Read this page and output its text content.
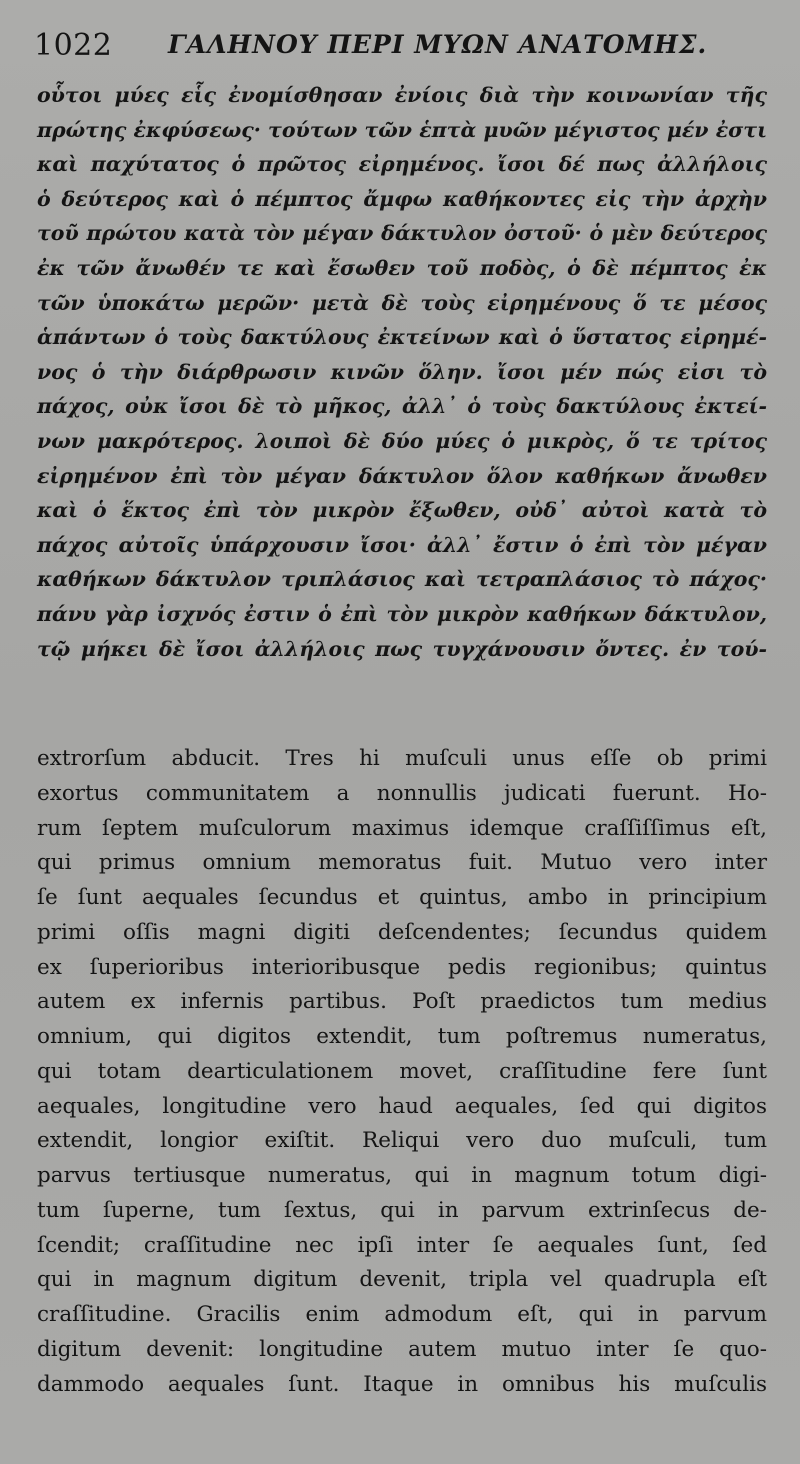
1022 ΓΑΛΗΝΟΥ ΠΕΡΙ ΜΥΩΝ ΑΝΑΤΟΜΗΣ.
οὗτοι μύες εἷς ἐνομίσθησαν ἐνίοις διὰ τὴν κοινωνίαν τῆς
πρώτης ἐκφύσεως· τούτων τῶν ἑπτὰ μυῶν μέγιστος μέν ἐστι
καὶ παχύτατος ὁ πρῶτος εἰρημένος. ἴσοι δέ πως ἀλλήλοις
ὁ δεύτερος καὶ ὁ πέμπτος ἄμφω καθήκοντες εἰς τὴν ἀρχὴν
τοῦ πρώτου κατὰ τὸν μέγαν δάκτυλον ὀστοῦ· ὁ μὲν δεύτερος
ἐκ τῶν ἄνωθέν τε καὶ ἔσωθεν τοῦ ποδὸς, ὁ δὲ πέμπτος ἐκ
τῶν ὑποκάτω μερῶν· μετὰ δὲ τοὺς εἰρημένους ὅ τε μέσος
ἁπάντων ὁ τοὺς δακτύλους ἐκτείνων καὶ ὁ ὕστατος εἰρημέ-
νος ὁ τὴν διάρθρωσιν κινῶν ὅλην. ἴσοι μέν πώς εἰσι τὸ
πάχος, οὐκ ἴσοι δὲ τὸ μῆκος, ἀλλ᾽ ὁ τοὺς δακτύλους ἐκτεί-
νων μακρότερος. λοιποὶ δὲ δύο μύες ὁ μικρὸς, ὅ τε τρίτος
εἰρημένον ἐπὶ τὸν μέγαν δάκτυλον ὅλον καθήκων ἄνωθεν
καὶ ὁ ἕκτος ἐπὶ τὸν μικρὸν ἔξωθεν, οὐδ᾽ αὐτοὶ κατὰ τὸ
πάχος αὐτοῖς ὑπάρχουσιν ἴσοι· ἀλλ᾽ ἔστιν ὁ ἐπὶ τὸν μέγαν
καθήκων δάκτυλον τριπλάσιος καὶ τετραπλάσιος τὸ πάχος·
πάνυ γὰρ ἰσχνός ἐστιν ὁ ἐπὶ τὸν μικρὸν καθήκων δάκτυλον,
τῷ μήκει δὲ ἴσοι ἀλλήλοις πως τυγχάνουσιν ὄντες. ἐν τού-
extrorſum abducit. Tres hi muſculi unus eſſe ob primi
exortus communitatem a nonnullis judicati fuerunt. Ho-
rum ſeptem muſculorum maximus idemque craſſiſſimus eſt,
qui primus omnium memoratus fuit. Mutuo vero inter
ſe ſunt aequales ſecundus et quintus, ambo in principium
primi oſſis magni digiti deſcendentes; ſecundus quidem
ex ſuperioribus interioribusque pedis regionibus; quintus
autem ex infernis partibus. Poſt praedictos tum medius
omnium, qui digitos extendit, tum poſtremus numeratus,
qui totam dearticulationem movet, craſſitudine fere ſunt
aequales, longitudine vero haud aequales, ſed qui digitos
extendit, longior exiſtit. Reliqui vero duo muſculi, tum
parvus tertiusque numeratus, qui in magnum totum digi-
tum ſuperne, tum ſextus, qui in parvum extrinſecus de-
ſcendit; craſſitudine nec ipſi inter ſe aequales ſunt, ſed
qui in magnum digitum devenit, tripla vel quadrupla eſt
craſſitudine. Gracilis enim admodum eſt, qui in parvum
digitum devenit: longitudine autem mutuo inter ſe quo-
dammodo aequales ſunt. Itaque in omnibus his muſculis
